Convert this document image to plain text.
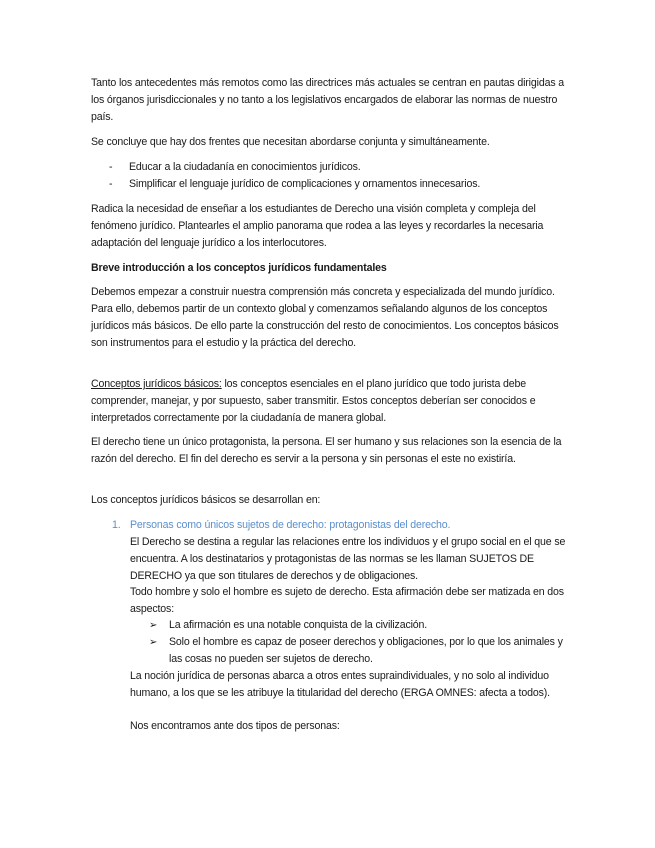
Tanto los antecedentes más remotos como las directrices más actuales se centran en pautas dirigidas a los órganos jurisdiccionales y no tanto a los legislativos encargados de elaborar las normas de nuestro país.

Se concluye que hay dos frentes que necesitan abordarse conjunta y simultáneamente.

- Educar a la ciudadanía en conocimientos jurídicos.
- Simplificar el lenguaje jurídico de complicaciones y ornamentos innecesarios.

Radica la necesidad de enseñar a los estudiantes de Derecho una visión completa y compleja del fenómeno jurídico. Plantearles el amplio panorama que rodea a las leyes y recordarles la necesaria adaptación del lenguaje jurídico a los interlocutores.

Breve introducción a los conceptos jurídicos fundamentales

Debemos empezar a construir nuestra comprensión más concreta y especializada del mundo jurídico. Para ello, debemos partir de un contexto global y comenzamos señalando algunos de los conceptos jurídicos más básicos. De ello parte la construcción del resto de conocimientos. Los conceptos básicos son instrumentos para el estudio y la práctica del derecho.

Conceptos jurídicos básicos: los conceptos esenciales en el plano jurídico que todo jurista debe comprender, manejar, y por supuesto, saber transmitir. Estos conceptos deberían ser conocidos e interpretados correctamente por la ciudadanía de manera global.

El derecho tiene un único protagonista, la persona. El ser humano y sus relaciones son la esencia de la razón del derecho. El fin del derecho es servir a la persona y sin personas el este no existiría.

Los conceptos jurídicos básicos se desarrollan en:

1. Personas como únicos sujetos de derecho: protagonistas del derecho.

El Derecho se destina a regular las relaciones entre los individuos y el grupo social en el que se encuentra. A los destinatarios y protagonistas de las normas se les llaman SUJETOS DE DERECHO ya que son titulares de derechos y de obligaciones.

Todo hombre y solo el hombre es sujeto de derecho. Esta afirmación debe ser matizada en dos aspectos:

➢ La afirmación es una notable conquista de la civilización.

➢ Solo el hombre es capaz de poseer derechos y obligaciones, por lo que los animales y las cosas no pueden ser sujetos de derecho.

La noción jurídica de personas abarca a otros entes supraindividuales, y no solo al individuo humano, a los que se les atribuye la titularidad del derecho (ERGA OMNES: afecta a todos).

Nos encontramos ante dos tipos de personas:
